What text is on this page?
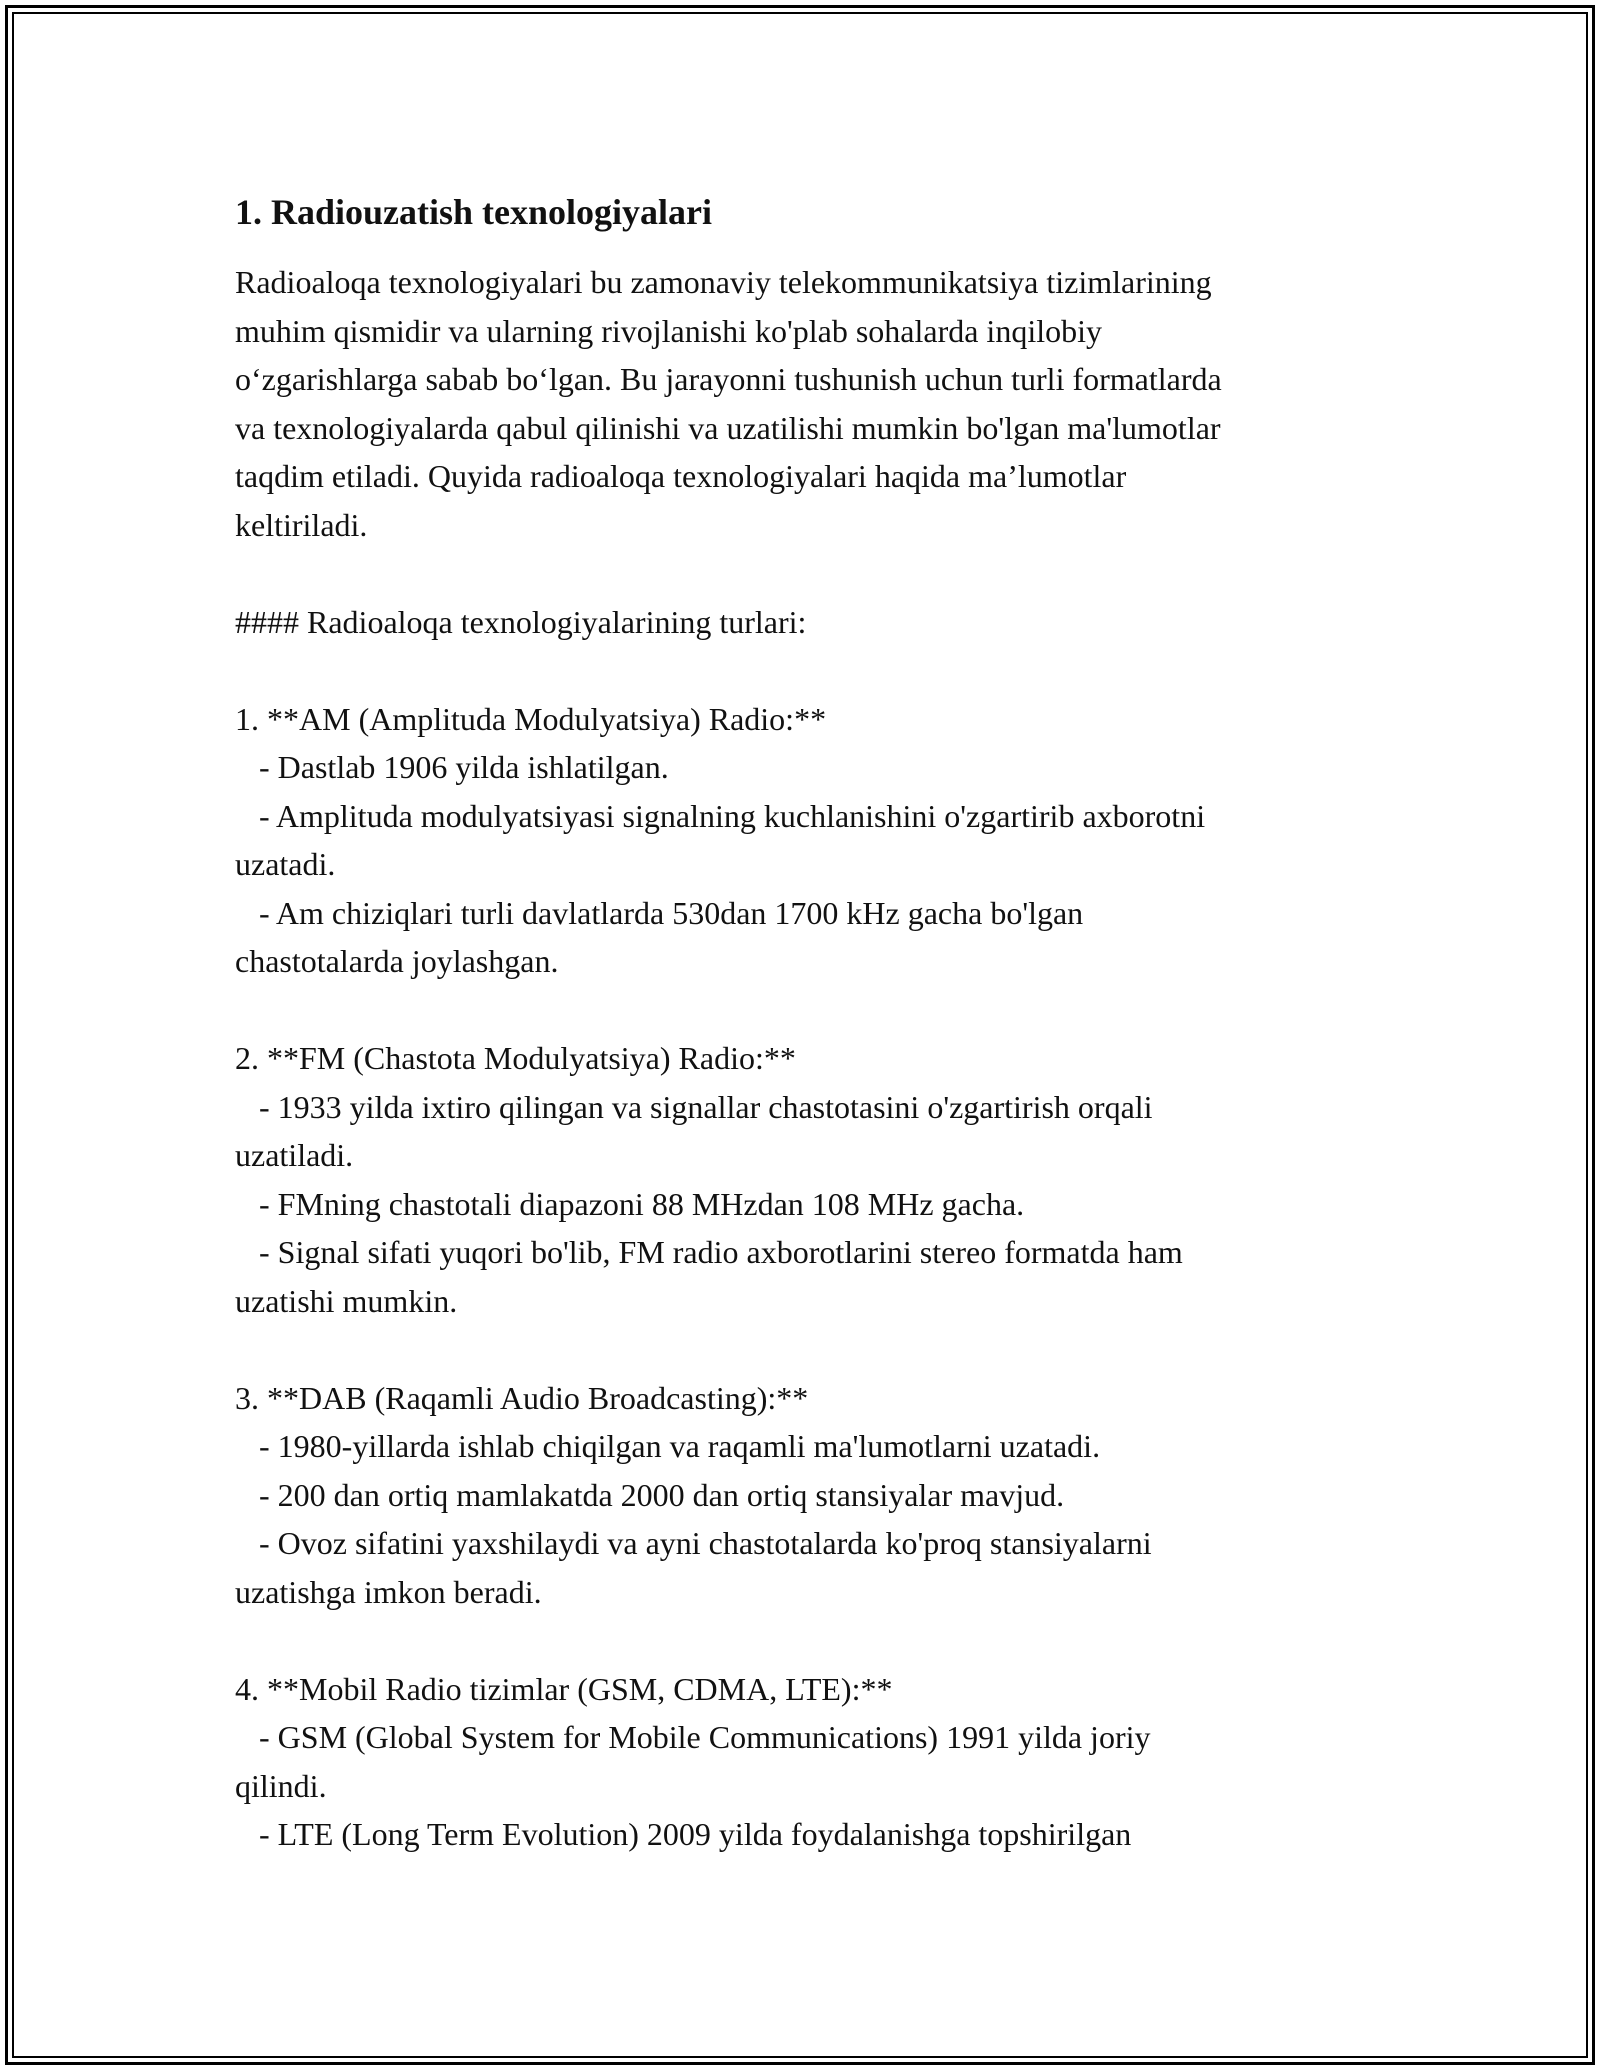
1. Radiouzatish texnologiyalari
Radioaloqa texnologiyalari bu zamonaviy telekommunikatsiya tizimlarining
muhim qismidir va ularning rivojlanishi ko'plab sohalarda inqilobiy
o‘zgarishlarga sabab bo‘lgan. Bu jarayonni tushunish uchun turli formatlarda
va texnologiyalarda qabul qilinishi va uzatilishi mumkin bo'lgan ma'lumotlar
taqdim etiladi. Quyida radioaloqa texnologiyalari haqida ma’lumotlar
keltiriladi.
#### Radioaloqa texnologiyalarining turlari:
1. **AM (Amplituda Modulyatsiya) Radio:**
- Dastlab 1906 yilda ishlatilgan.
- Amplituda modulyatsiyasi signalning kuchlanishini o'zgartirib axborotni
uzatadi.
- Am chiziqlari turli davlatlarda 530dan 1700 kHz gacha bo'lgan
chastotalarda joylashgan.
2. **FM (Chastota Modulyatsiya) Radio:**
- 1933 yilda ixtiro qilingan va signallar chastotasini o'zgartirish orqali
uzatiladi.
- FMning chastotali diapazoni 88 MHzdan 108 MHz gacha.
- Signal sifati yuqori bo'lib, FM radio axborotlarini stereo formatda ham
uzatishi mumkin.
3. **DAB (Raqamli Audio Broadcasting):**
- 1980-yillarda ishlab chiqilgan va raqamli ma'lumotlarni uzatadi.
- 200 dan ortiq mamlakatda 2000 dan ortiq stansiyalar mavjud.
- Ovoz sifatini yaxshilaydi va ayni chastotalarda ko'proq stansiyalarni
uzatishga imkon beradi.
4. **Mobil Radio tizimlar (GSM, CDMA, LTE):**
- GSM (Global System for Mobile Communications) 1991 yilda joriy
qilindi.
- LTE (Long Term Evolution) 2009 yilda foydalanishga topshirilgan
